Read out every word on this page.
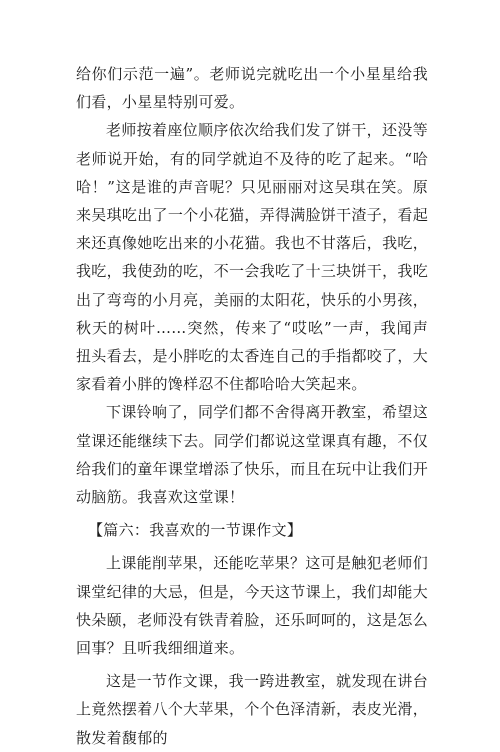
给你们示范一遍”。老师说完就吃出一个小星星给我们看，小星星特别可爱。

老师按着座位顺序依次给我们发了饼干，还没等老师说开始，有的同学就迫不及待的吃了起来。“哈哈！”这是谁的声音呢？只见丽丽对这吴琪在笑。原来吴琪吃出了一个小花猫，弄得满脸饼干渣子，看起来还真像她吃出来的小花猫。我也不甘落后，我吃，我吃，我使劲的吃，不一会我吃了十三块饼干，我吃出了弯弯的小月亮，美丽的太阳花，快乐的小男孩，秋天的树叶……突然，传来了“哎吆”一声，我闻声扭头看去，是小胖吃的太香连自己的手指都咬了，大家看着小胖的馋样忍不住都哈哈大笑起来。

下课铃响了，同学们都不舍得离开教室，希望这堂课还能继续下去。同学们都说这堂课真有趣，不仅给我们的童年课堂增添了快乐，而且在玩中让我们开动脑筋。我喜欢这堂课！

【篇六：我喜欢的一节课作文】

上课能削苹果，还能吃苹果？这可是触犯老师们课堂纪律的大忌，但是，今天这节课上，我们却能大快朵颐，老师没有铁青着脸，还乐呵呵的，这是怎么回事？且听我细细道来。

这是一节作文课，我一跨进教室，就发现在讲台上竟然摆着八个大苹果，个个色泽清新，表皮光滑，散发着馥郁的
